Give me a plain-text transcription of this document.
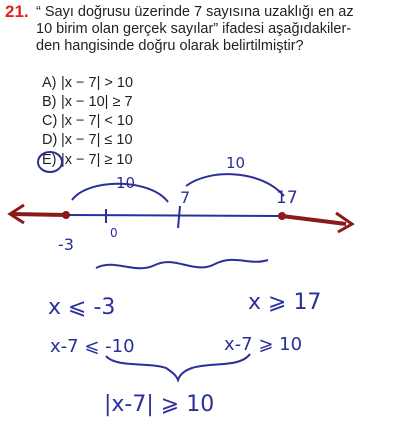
21. “ Sayı doğrusu üzerinde 7 sayısına uzaklığı en az
10 birim olan gerçek sayılar” ifadesi aşağıdakiler-
den hangisinde doğru olarak belirtilmiştir?
A) |x − 7| > 10
B) |x − 10| ≥ 7
C) |x − 7| < 10
D) |x − 7| ≤ 10
E) |x − 7| ≥ 10
10
10
-3
0
7	17
x ⩽ -3	x ⩾ 17
x-7 ⩽ -10	x-7 ⩾ 10
|x-7| ⩾ 10
